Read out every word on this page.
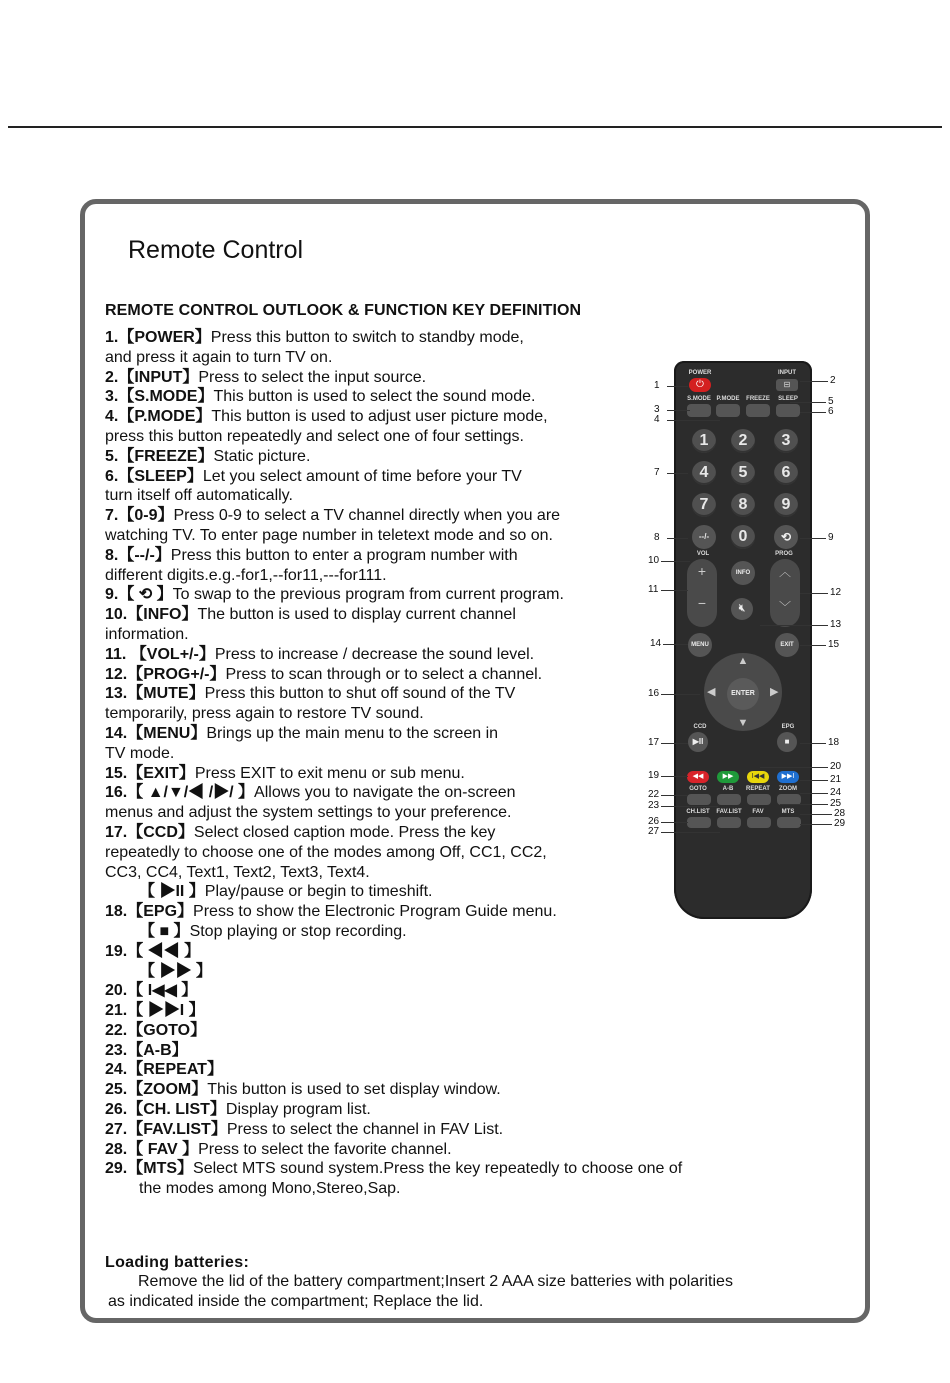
Remote Control
REMOTE CONTROL OUTLOOK & FUNCTION KEY DEFINITION
1.【POWER】Press this button to switch to standby mode,
and press it again to turn TV on.
2.【INPUT】Press to select the input source.
3.【S.MODE】This button is used to select the sound mode.
4.【P.MODE】This button is used to adjust user picture mode,
press this button repeatedly and select one of four settings.
5.【FREEZE】Static picture.
6.【SLEEP】Let you select amount of time before your TV
turn itself off automatically.
7.【0-9】Press 0-9 to select a TV channel directly when you are
watching TV. To enter page number in teletext mode and so on.
8.【--/-】Press this button to enter a program number with
different digits.e.g.-for1,--for11,---for111.
9.【 ⟲ 】To swap to the previous program from current program.
10.【INFO】The button is used to display current channel
information.
11. 【VOL+/-】Press to increase / decrease the sound level.
12.【PROG+/-】Press to scan through or to select a channel.
13.【MUTE】Press this button to shut off sound of the TV
temporarily, press again to restore TV sound.
14.【MENU】Brings up the main menu to the screen in
TV mode.
15.【EXIT】Press EXIT to exit menu or sub menu.
16.【 ▲/▼/◀ /▶/ 】Allows you to navigate the on-screen
menus and adjust the system settings to your preference.
17.【CCD】Select closed caption mode. Press the key
repeatedly to choose one of the modes among Off, CC1, CC2,
CC3, CC4, Text1, Text2, Text3, Text4.
【 ▶II 】Play/pause or begin to timeshift.
18.【EPG】Press to show the Electronic Program Guide menu.
【 ■ 】Stop playing or stop recording.
19.【 ◀◀ 】
【 ▶▶ 】
20.【 I◀◀ 】
21.【 ▶▶I 】
22.【GOTO】
23.【A-B】
24.【REPEAT】
25.【ZOOM】This button is used to set display window.
26.【CH. LIST】Display program list.
27.【FAV.LIST】Press to select the channel in FAV List.
28.【 FAV 】Press to select the favorite channel.
29.【MTS】Select MTS sound system.Press the key repeatedly to choose one of
the modes among Mono,Stereo,Sap.
Loading batteries:
Remove the lid of the battery compartment;Insert 2 AAA size batteries with polarities
as indicated inside the compartment; Replace the lid.
POWER
⏻
INPUT
⊟
S.MODE P.MODE	FREEZE	SLEEP
1	2	3
4	5	6
7	8	9
--/-	0	⟲
VOL	PROG
+
−
INFO	︿
﹀
🔇︎
MENU	EXIT
▲
▼
◀	▶
ENTER
CCD	EPG
▶II	■
◀◀	▶▶	I◀◀	▶▶I
GOTO	A-B	REPEAT	ZOOM
CH.LIST	FAV.LIST	FAV	MTS
1	2
3
4
5
6
7
8	9
10
11	12
13
14	15
16
17	18
19
20
21
22
23
24
25
26
27
28
29
